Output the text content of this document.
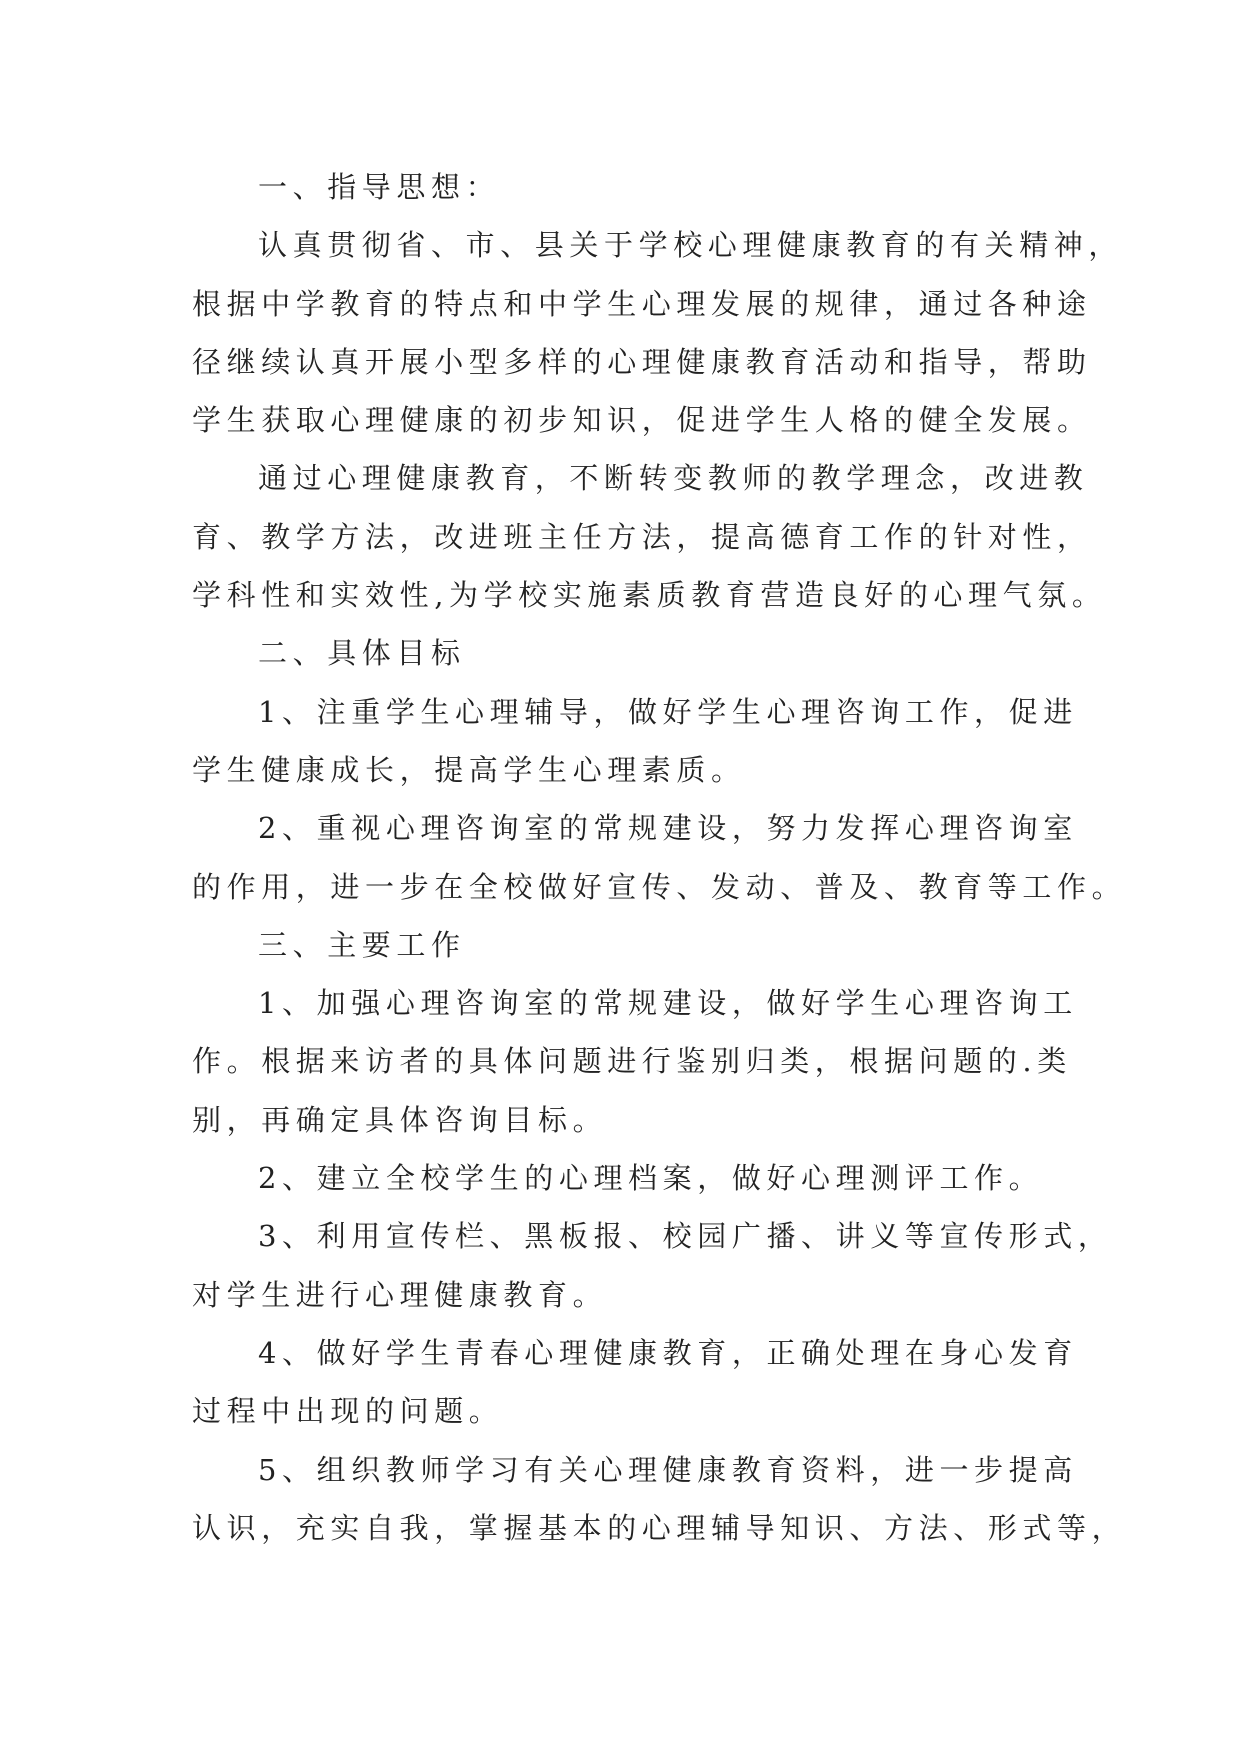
一、指导思想：
认真贯彻省、市、县关于学校心理健康教育的有关精神，
根据中学教育的特点和中学生心理发展的规律，通过各种途
径继续认真开展小型多样的心理健康教育活动和指导，帮助
学生获取心理健康的初步知识，促进学生人格的健全发展。
通过心理健康教育，不断转变教师的教学理念，改进教
育、教学方法，改进班主任方法，提高德育工作的针对性，
学科性和实效性,为学校实施素质教育营造良好的心理气氛。
二、具体目标
1、注重学生心理辅导，做好学生心理咨询工作，促进
学生健康成长，提高学生心理素质。
2、重视心理咨询室的常规建设，努力发挥心理咨询室
的作用，进一步在全校做好宣传、发动、普及、教育等工作。
三、主要工作
1、加强心理咨询室的常规建设，做好学生心理咨询工
作。根据来访者的具体问题进行鉴别归类，根据问题的.类
别，再确定具体咨询目标。
2、建立全校学生的心理档案，做好心理测评工作。
3、利用宣传栏、黑板报、校园广播、讲义等宣传形式，
对学生进行心理健康教育。
4、做好学生青春心理健康教育，正确处理在身心发育
过程中出现的问题。
5、组织教师学习有关心理健康教育资料，进一步提高
认识，充实自我，掌握基本的心理辅导知识、方法、形式等，
